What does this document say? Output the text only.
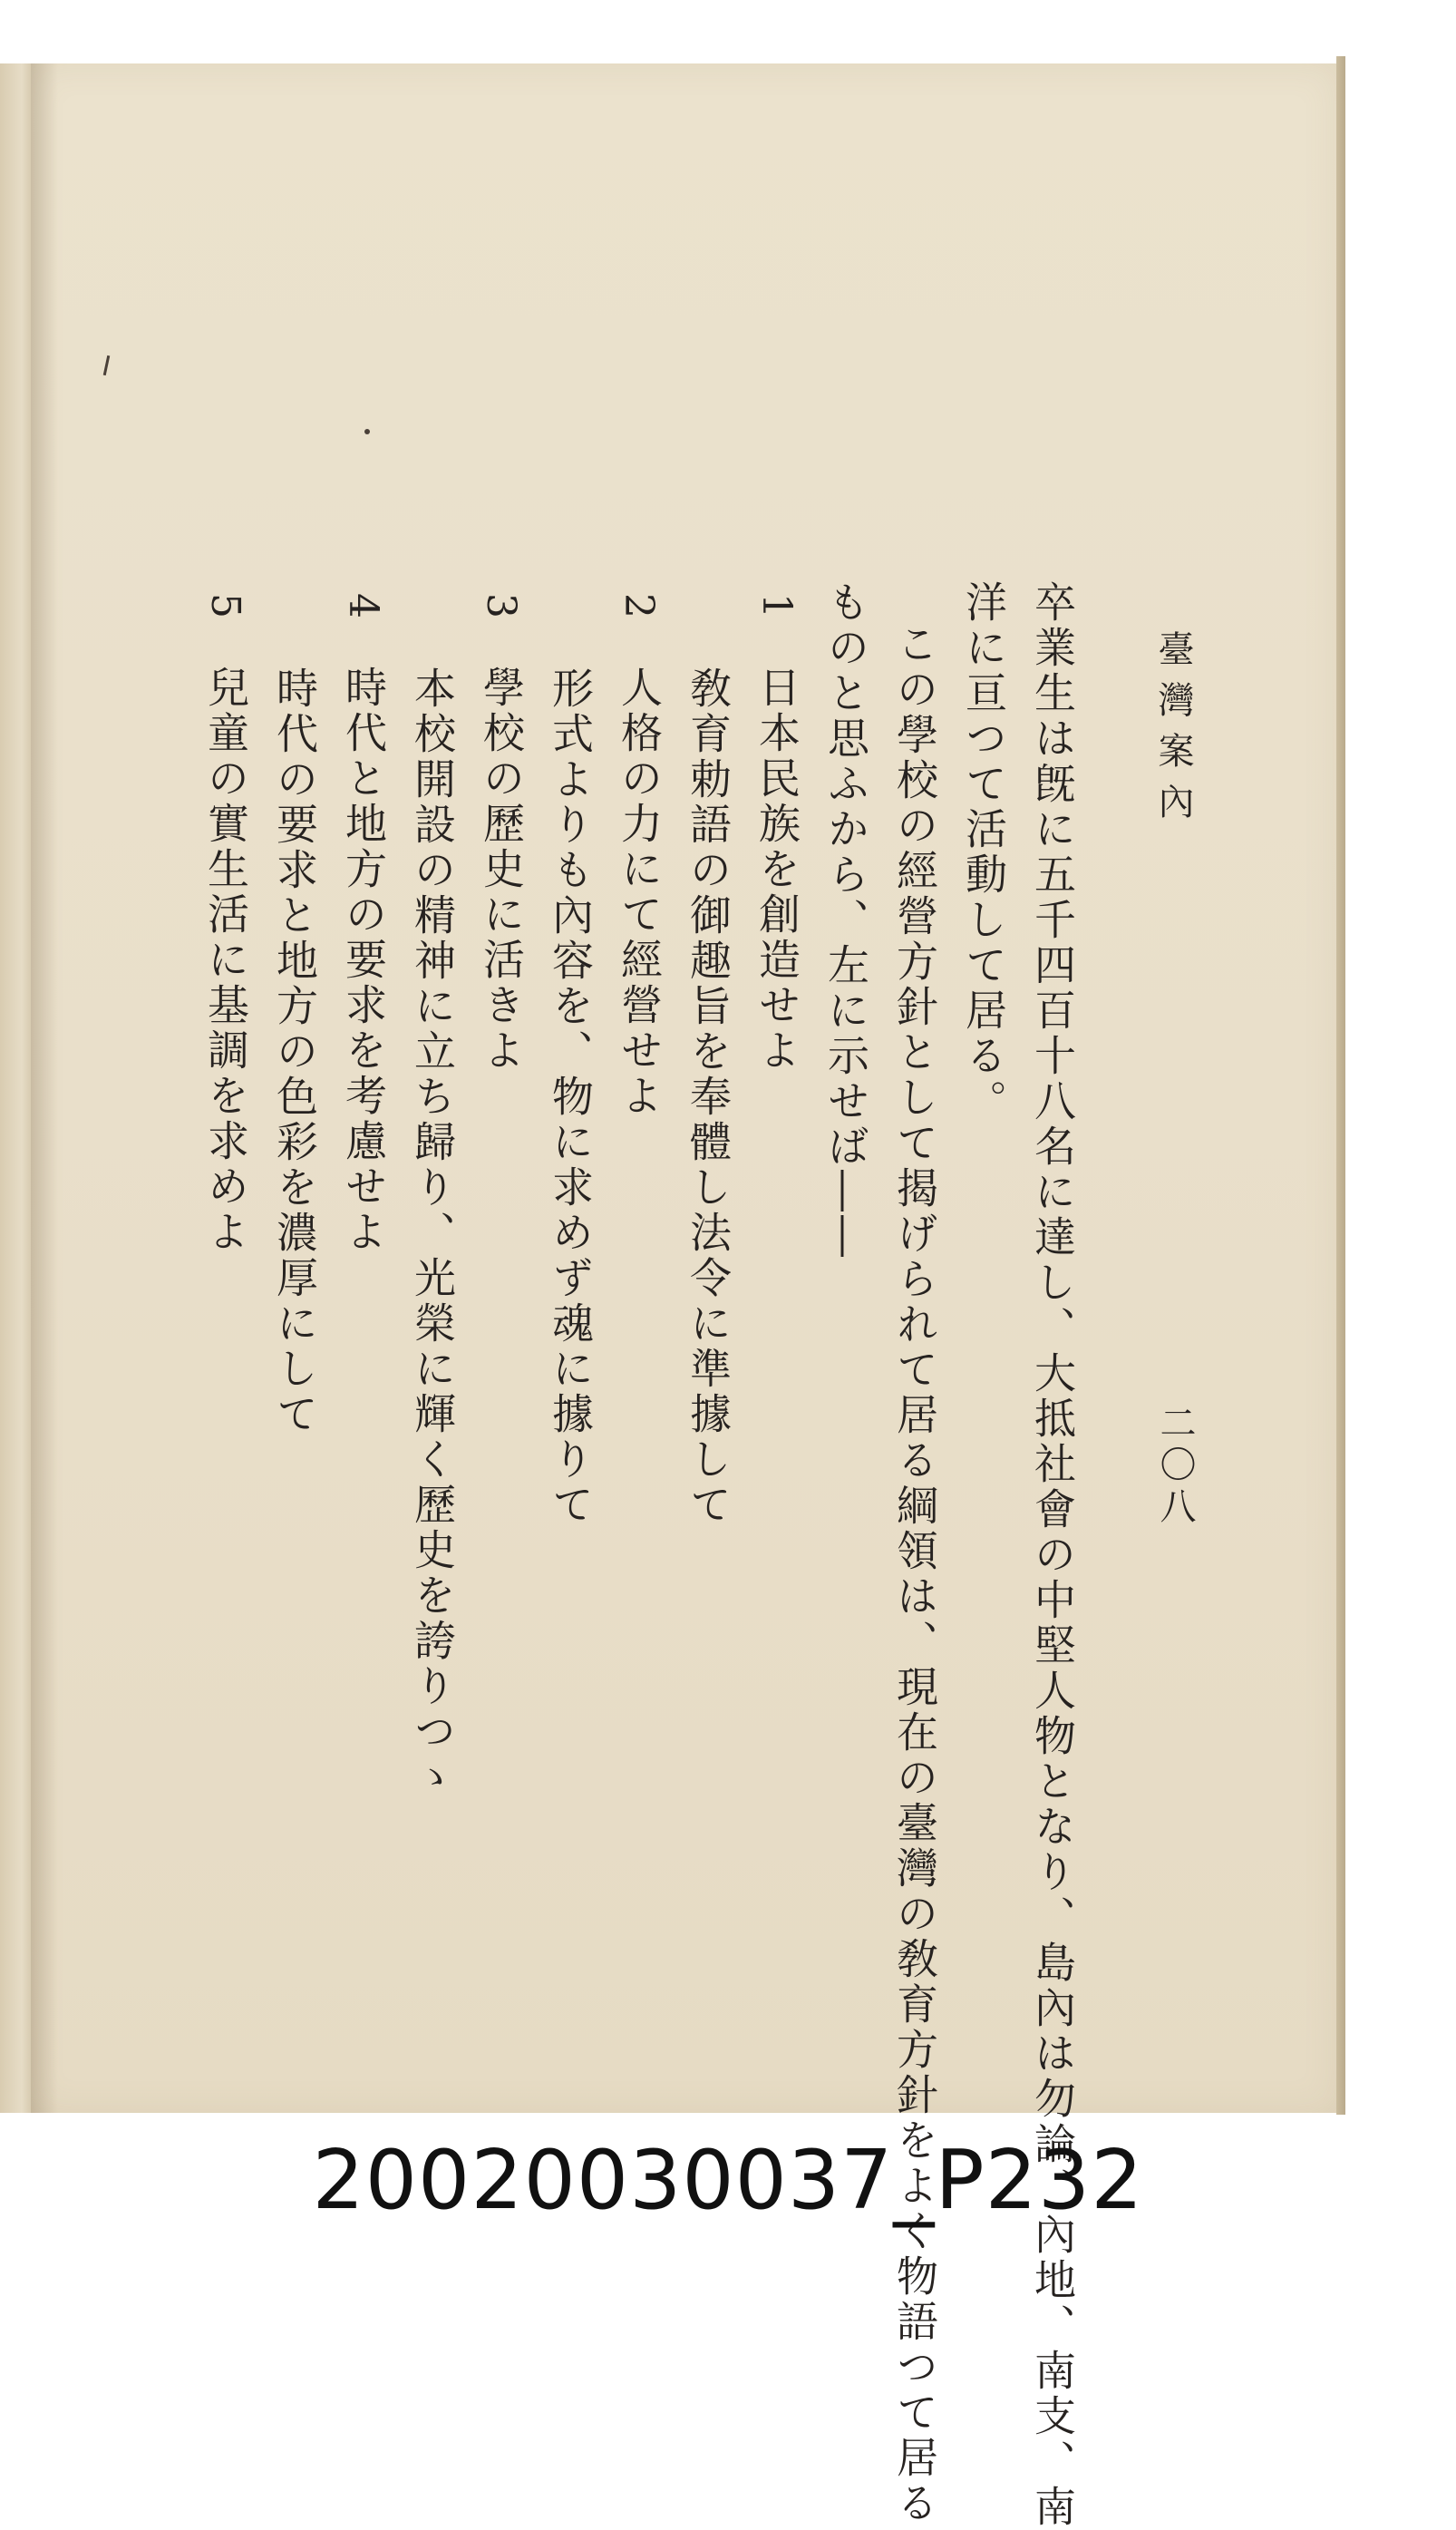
臺灣案內
二〇八
卒業生は旣に五千四百十八名に達し、大抵社會の中堅人物となり、島內は勿論、內地、南支、南
洋に亘つて活動して居る。
この學校の經營方針として揭げられて居る綱領は、現在の臺灣の敎育方針をよく物語つて居る
ものと思ふから、左に示せば――
1
日本民族を創造せよ
敎育勅語の御趣旨を奉體し法令に準據して
2
人格の力にて經營せよ
形式よりも內容を、物に求めず魂に據りて
3
學校の歷史に活きよ
本校開設の精神に立ち歸り、光榮に輝く歷史を誇りつゝ
4
時代と地方の要求を考慮せよ
時代の要求と地方の色彩を濃厚にして
5
兒童の實生活に基調を求めよ
20020030037_P232
